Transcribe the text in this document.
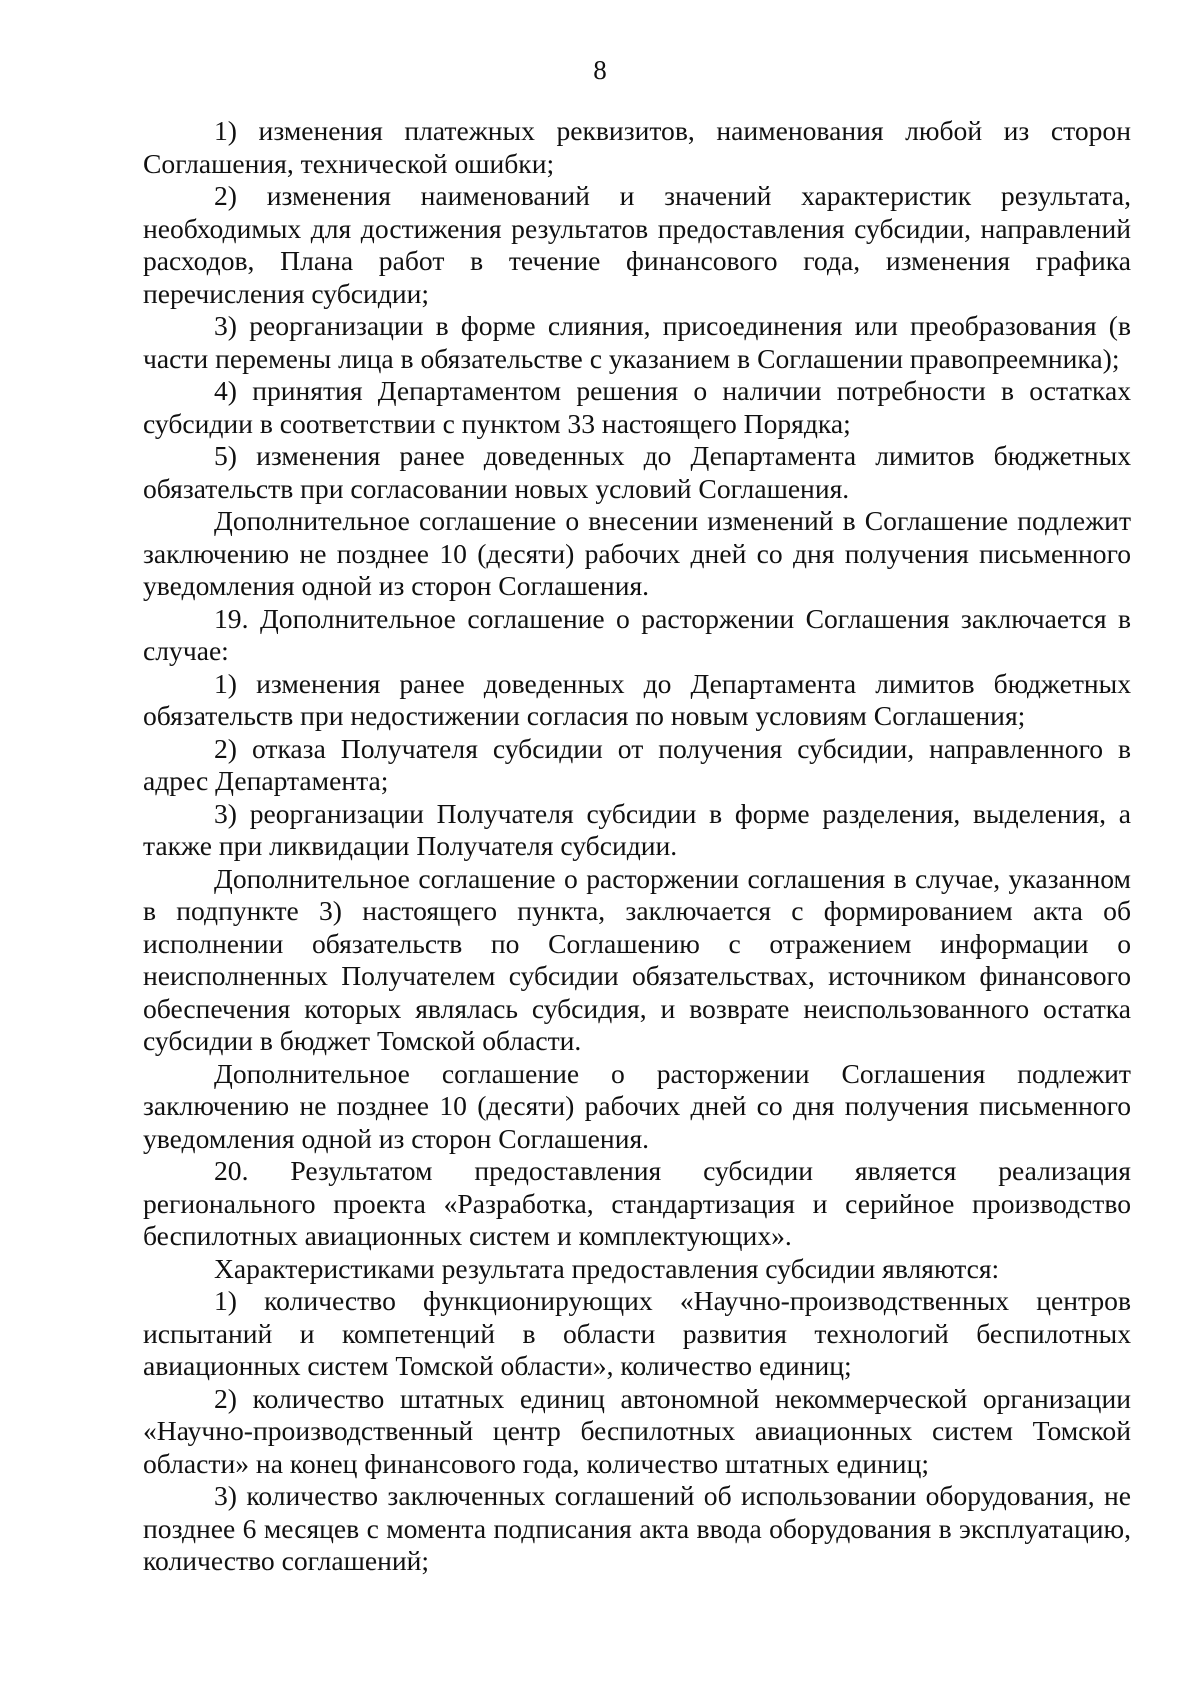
8

1) изменения платежных реквизитов, наименования любой из сторон Соглашения, технической ошибки;

2) изменения наименований и значений характеристик результата, необходимых для достижения результатов предоставления субсидии, направлений расходов, Плана работ в течение финансового года, изменения графика перечисления субсидии;

3) реорганизации в форме слияния, присоединения или преобразования (в части перемены лица в обязательстве с указанием в Соглашении правопреемника);

4) принятия Департаментом решения о наличии потребности в остатках субсидии в соответствии с пунктом 33 настоящего Порядка;

5) изменения ранее доведенных до Департамента лимитов бюджетных обязательств при согласовании новых условий Соглашения.

Дополнительное соглашение о внесении изменений в Соглашение подлежит заключению не позднее 10 (десяти) рабочих дней со дня получения письменного уведомления одной из сторон Соглашения.

19. Дополнительное соглашение о расторжении Соглашения заключается в случае:

1) изменения ранее доведенных до Департамента лимитов бюджетных обязательств при недостижении согласия по новым условиям Соглашения;

2) отказа Получателя субсидии от получения субсидии, направленного в адрес Департамента;

3) реорганизации Получателя субсидии в форме разделения, выделения, а также при ликвидации Получателя субсидии.

Дополнительное соглашение о расторжении соглашения в случае, указанном в подпункте 3) настоящего пункта, заключается с формированием акта об исполнении обязательств по Соглашению с отражением информации о неисполненных Получателем субсидии обязательствах, источником финансового обеспечения которых являлась субсидия, и возврате неиспользованного остатка субсидии в бюджет Томской области.

Дополнительное соглашение о расторжении Соглашения подлежит заключению не позднее 10 (десяти) рабочих дней со дня получения письменного уведомления одной из сторон Соглашения.

20. Результатом предоставления субсидии является реализация регионального проекта «Разработка, стандартизация и серийное производство беспилотных авиационных систем и комплектующих».

Характеристиками результата предоставления субсидии являются:

1) количество функционирующих «Научно-производственных центров испытаний и компетенций в области развития технологий беспилотных авиационных систем Томской области», количество единиц;

2) количество штатных единиц автономной некоммерческой организации «Научно-производственный центр беспилотных авиационных систем Томской области» на конец финансового года, количество штатных единиц;

3) количество заключенных соглашений об использовании оборудования, не позднее 6 месяцев с момента подписания акта ввода оборудования в эксплуатацию, количество соглашений;
